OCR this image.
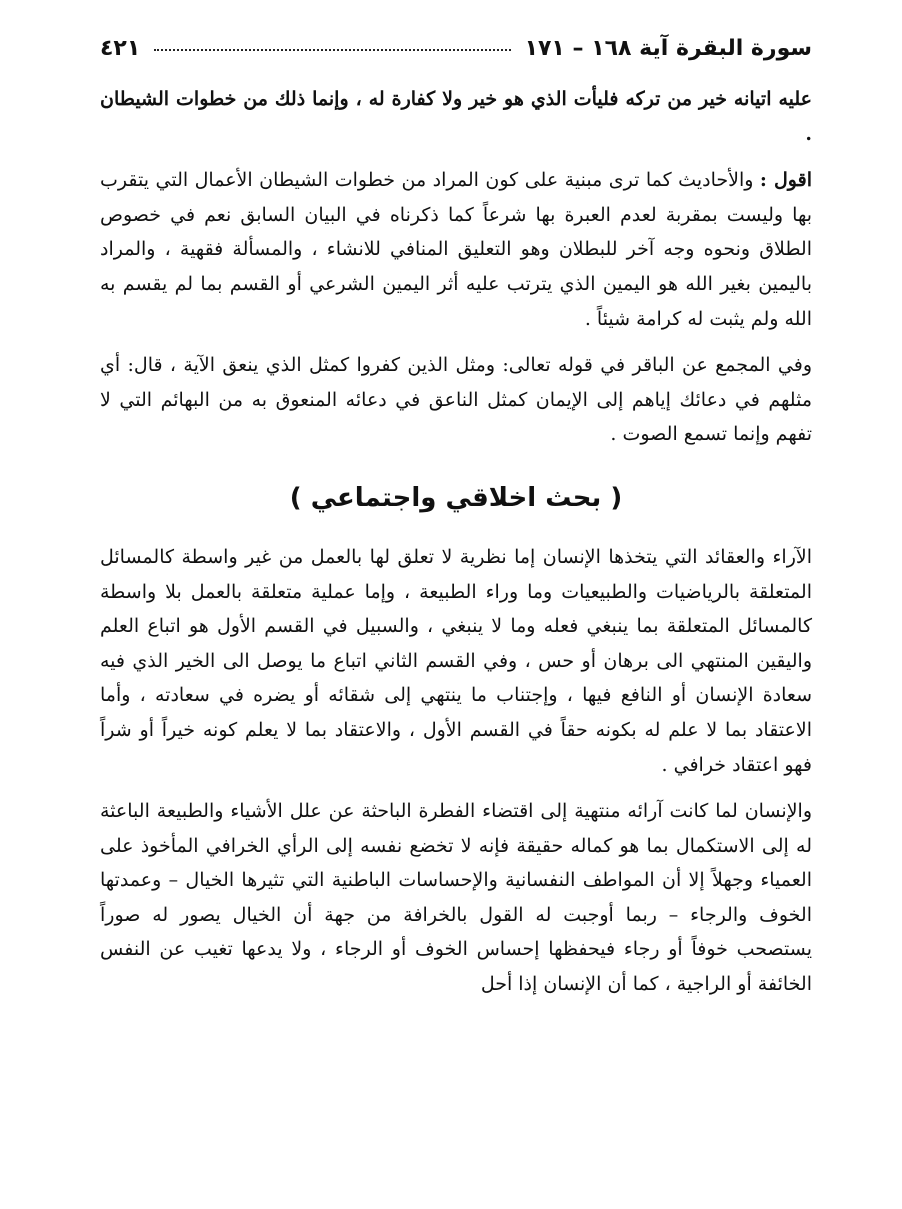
سورة البقرة آية ١٦٨ – ١٧١
٤٢١

عليه اتيانه خير من تركه فليأت الذي هو خير ولا كفارة له ، وإنما ذلك من خطوات الشيطان .

اقول : والأحاديث كما ترى مبنية على كون المراد من خطوات الشيطان الأعمال التي يتقرب بها وليست بمقربة لعدم العبرة بها شرعاً كما ذكرناه في البيان السابق نعم في خصوص الطلاق ونحوه وجه آخر للبطلان وهو التعليق المنافي للانشاء ، والمسألة فقهية ، والمراد باليمين بغير الله هو اليمين الذي يترتب عليه أثر اليمين الشرعي أو القسم بما لم يقسم به الله ولم يثبت له كرامة شيئاً .

وفي المجمع عن الباقر في قوله تعالى: ومثل الذين كفروا كمثل الذي ينعق الآية ، قال: أي مثلهم في دعائك إياهم إلى الإيمان كمثل الناعق في دعائه المنعوق به من البهائم التي لا تفهم وإنما تسمع الصوت .

( بحث اخلاقي واجتماعي )

الآراء والعقائد التي يتخذها الإنسان إما نظرية لا تعلق لها بالعمل من غير واسطة كالمسائل المتعلقة بالرياضيات والطبيعيات وما وراء الطبيعة ، وإما عملية متعلقة بالعمل بلا واسطة كالمسائل المتعلقة بما ينبغي فعله وما لا ينبغي ، والسبيل في القسم الأول هو اتباع العلم واليقين المنتهي الى برهان أو حس ، وفي القسم الثاني اتباع ما يوصل الى الخير الذي فيه سعادة الإنسان أو النافع فيها ، وإجتناب ما ينتهي إلى شقائه أو يضره في سعادته ، وأما الاعتقاد بما لا علم له بكونه حقاً في القسم الأول ، والاعتقاد بما لا يعلم كونه خيراً أو شراً فهو اعتقاد خرافي .

والإنسان لما كانت آرائه منتهية إلى اقتضاء الفطرة الباحثة عن علل الأشياء والطبيعة الباعثة له إلى الاستكمال بما هو كماله حقيقة فإنه لا تخضع نفسه إلى الرأي الخرافي المأخوذ على العمياء وجهلاً إلا أن المواطف النفسانية والإحساسات الباطنية التي تثيرها الخيال – وعمدتها الخوف والرجاء – ربما أوجبت له القول بالخرافة من جهة أن الخيال يصور له صوراً يستصحب خوفاً أو رجاء فيحفظها إحساس الخوف أو الرجاء ، ولا يدعها تغيب عن النفس الخائفة أو الراجية ، كما أن الإنسان إذا أحل
